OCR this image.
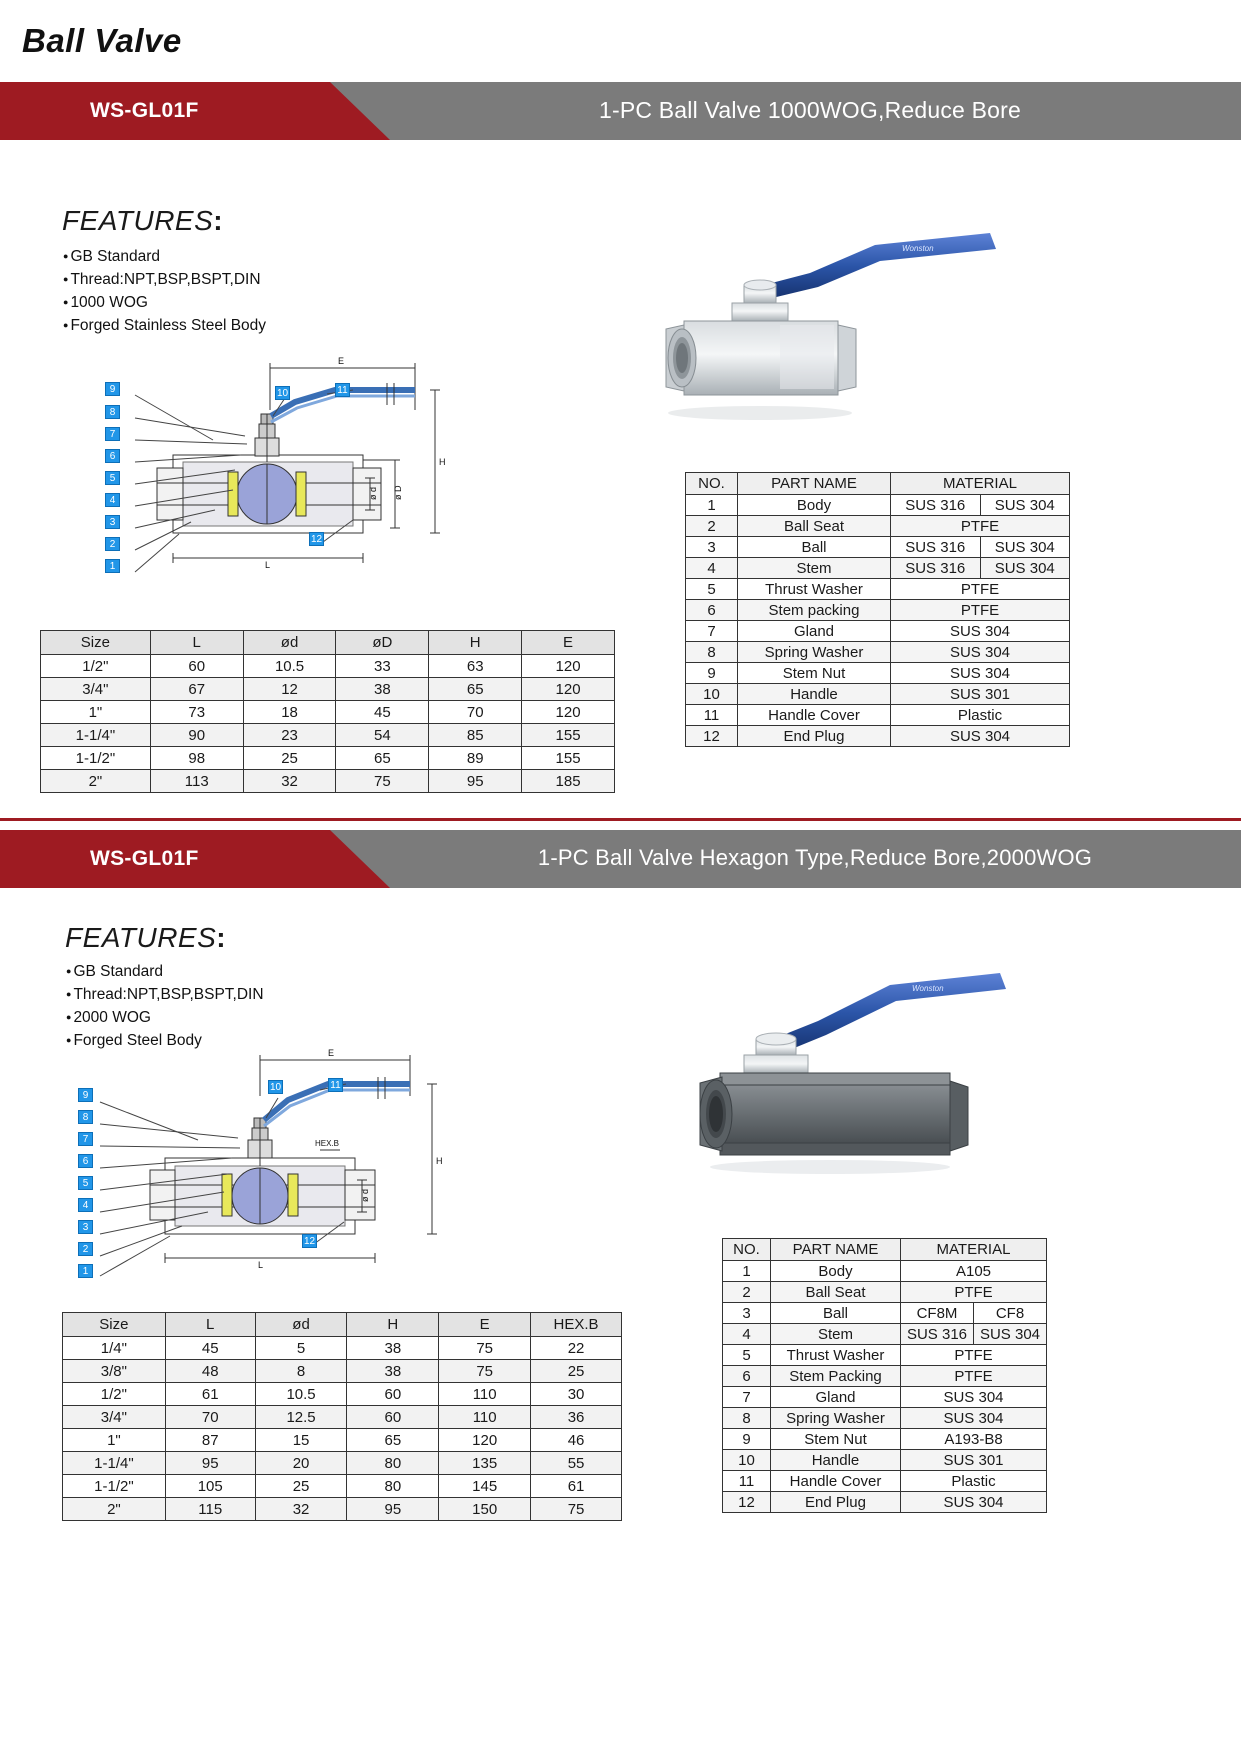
Ball Valve
WS-GL01F	1-PC Ball Valve 1000WOG,Reduce Bore
FEATURES:
● GB Standard
● Thread:NPT,BSP,BSPT,DIN
● 1000 WOG
● Forged Stainless Steel Body
E
H
L
ø d ø D
9
8
7
6
5
4
3
2
1
10	11
12
Wonston
NO.	PART NAME	MATERIAL	
1	Body	SUS 316	SUS 304
2	Ball Seat	PTFE	
3	Ball	SUS 316	SUS 304
4	Stem	SUS 316	SUS 304
5	Thrust Washer	PTFE	
6	Stem packing	PTFE	
7	Gland	SUS 304	
8	Spring Washer	SUS 304	
9	Stem Nut	SUS 304	
10	Handle	SUS 301	
11	Handle Cover	Plastic	
12	End Plug	SUS 304	
Size	L	ød	øD	H	E
1/2"	60	10.5	33	63	120
3/4"	67	12	38	65	120
1"	73	18	45	70	120
1-1/4"	90	23	54	85	155
1-1/2"	98	25	65	89	155
2"	113	32	75	95	185
WS-GL01F	1-PC Ball Valve Hexagon Type,Reduce Bore,2000WOG
FEATURES:
● GB Standard
● Thread:NPT,BSP,BSPT,DIN
● 2000 WOG
● Forged Steel Body
E
H
L
HEX.B
ø d
9
8
7
6
5
4
3
2
1
10	11
12
Wonston
NO.	PART NAME	MATERIAL	
1	Body	A105	
2	Ball Seat	PTFE	
3	Ball	CF8M	CF8
4	Stem	SUS 316	SUS 304
5	Thrust Washer	PTFE	
6	Stem Packing	PTFE	
7	Gland	SUS 304	
8	Spring Washer	SUS 304	
9	Stem Nut	A193-B8	
10	Handle	SUS 301	
11	Handle Cover	Plastic	
12	End Plug	SUS 304	
Size	L	ød	H	E	HEX.B
1/4"	45	5	38	75	22
3/8"	48	8	38	75	25
1/2"	61	10.5	60	110	30
3/4"	70	12.5	60	110	36
1"	87	15	65	120	46
1-1/4"	95	20	80	135	55
1-1/2"	105	25	80	145	61
2"	115	32	95	150	75
